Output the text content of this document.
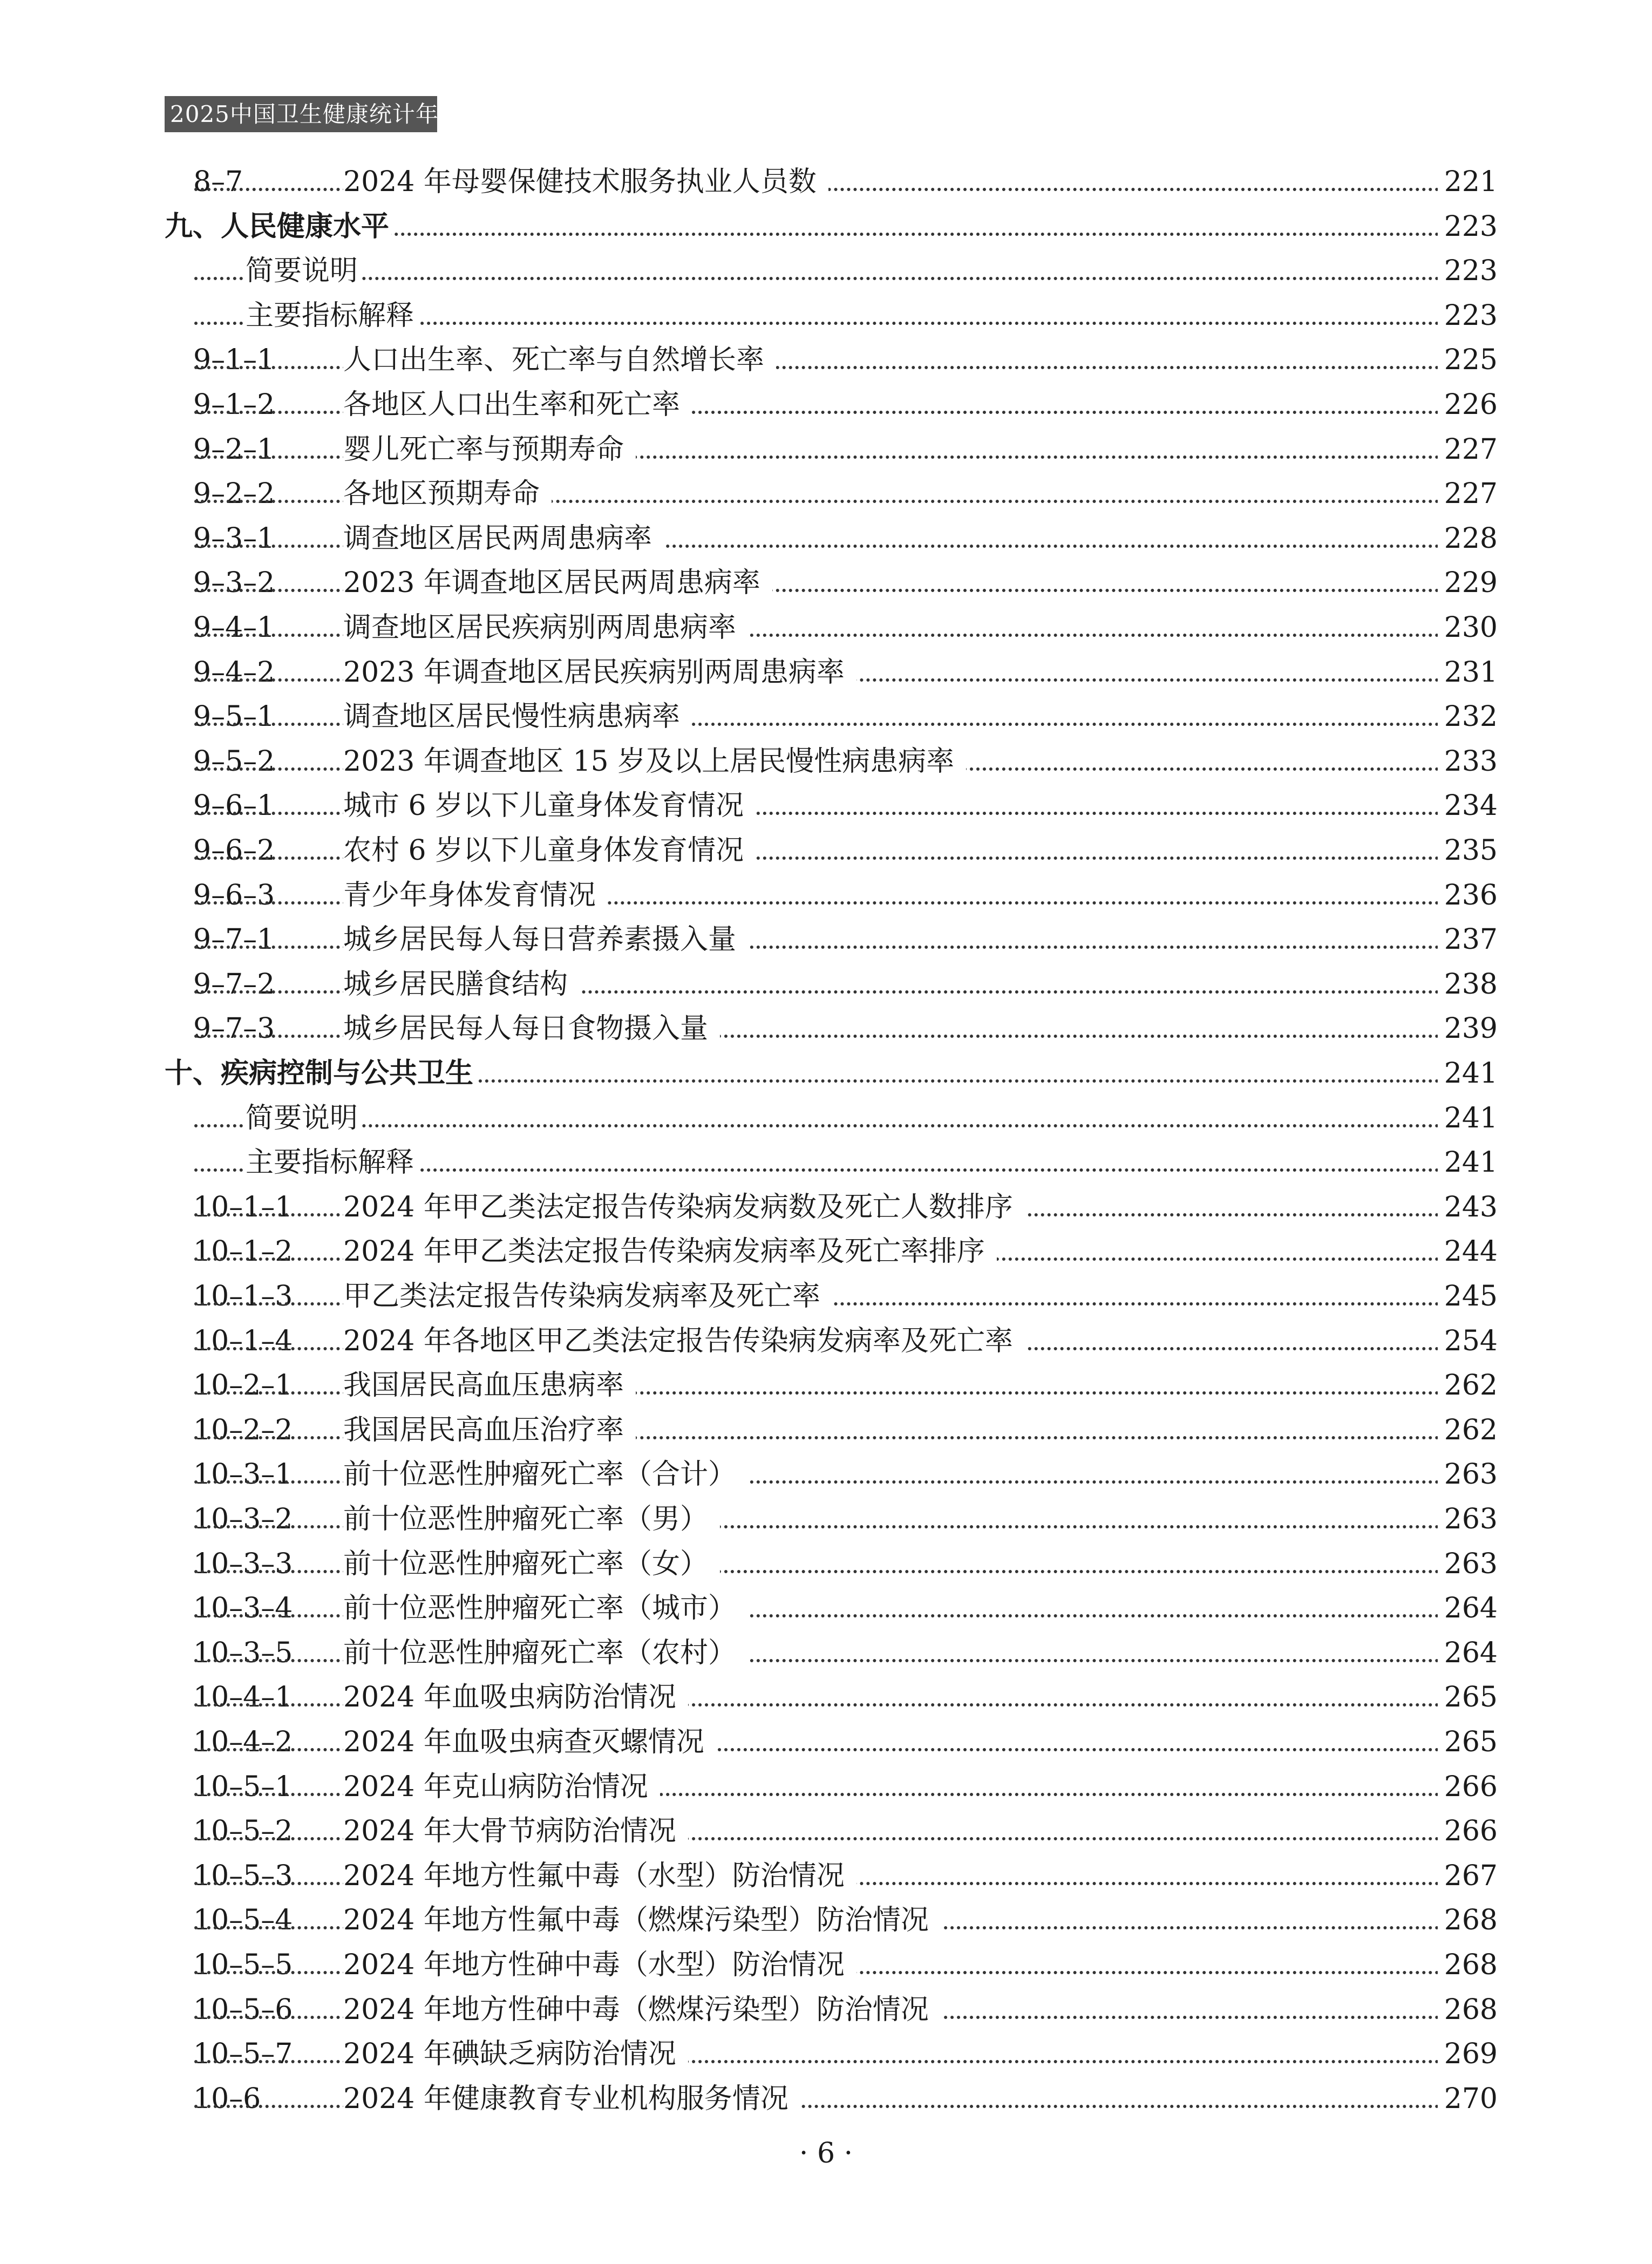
2025中国卫生健康统计年鉴
8–7	2024 年母婴保健技术服务执业人员数	221
九、人民健康水平	223
简要说明	223
主要指标解释	223
9–1–1 人口出生率、死亡率与自然增长率	225
9–1–2 各地区人口出生率和死亡率	226
9–2–1 婴儿死亡率与预期寿命	227
9–2–2 各地区预期寿命	227
9–3–1 调查地区居民两周患病率	228
9–3–2 2023 年调查地区居民两周患病率	229
9–4–1 调查地区居民疾病别两周患病率	230
9–4–2 2023 年调查地区居民疾病别两周患病率	231
9–5–1 调查地区居民慢性病患病率	232
9–5–2 2023 年调查地区 15 岁及以上居民慢性病患病率	233
9–6–1 城市 6 岁以下儿童身体发育情况	234
9–6–2 农村 6 岁以下儿童身体发育情况	235
9–6–3 青少年身体发育情况	236
9–7–1 城乡居民每人每日营养素摄入量	237
9–7–2 城乡居民膳食结构	238
9–7–3 城乡居民每人每日食物摄入量	239
十、疾病控制与公共卫生	241
简要说明	241
主要指标解释	241
10–1–1 2024 年甲乙类法定报告传染病发病数及死亡人数排序	243
10–1–2 2024 年甲乙类法定报告传染病发病率及死亡率排序	244
10–1–3 甲乙类法定报告传染病发病率及死亡率	245
10–1–4 2024 年各地区甲乙类法定报告传染病发病率及死亡率	254
10–2–1 我国居民高血压患病率	262
10–2–2 我国居民高血压治疗率	262
10–3–1 前十位恶性肿瘤死亡率（合计）	263
10–3–2 前十位恶性肿瘤死亡率（男）	263
10–3–3 前十位恶性肿瘤死亡率（女）	263
10–3–4 前十位恶性肿瘤死亡率（城市）	264
10–3–5 前十位恶性肿瘤死亡率（农村）	264
10–4–1 2024 年血吸虫病防治情况	265
10–4–2 2024 年血吸虫病查灭螺情况	265
10–5–1 2024 年克山病防治情况	266
10–5–2 2024 年大骨节病防治情况	266
10–5–3 2024 年地方性氟中毒（水型）防治情况	267
10–5–4 2024 年地方性氟中毒（燃煤污染型）防治情况	268
10–5–5 2024 年地方性砷中毒（水型）防治情况	268
10–5–6 2024 年地方性砷中毒（燃煤污染型）防治情况	268
10–5–7 2024 年碘缺乏病防治情况	269
10–6	2024 年健康教育专业机构服务情况	270
· 6 ·
